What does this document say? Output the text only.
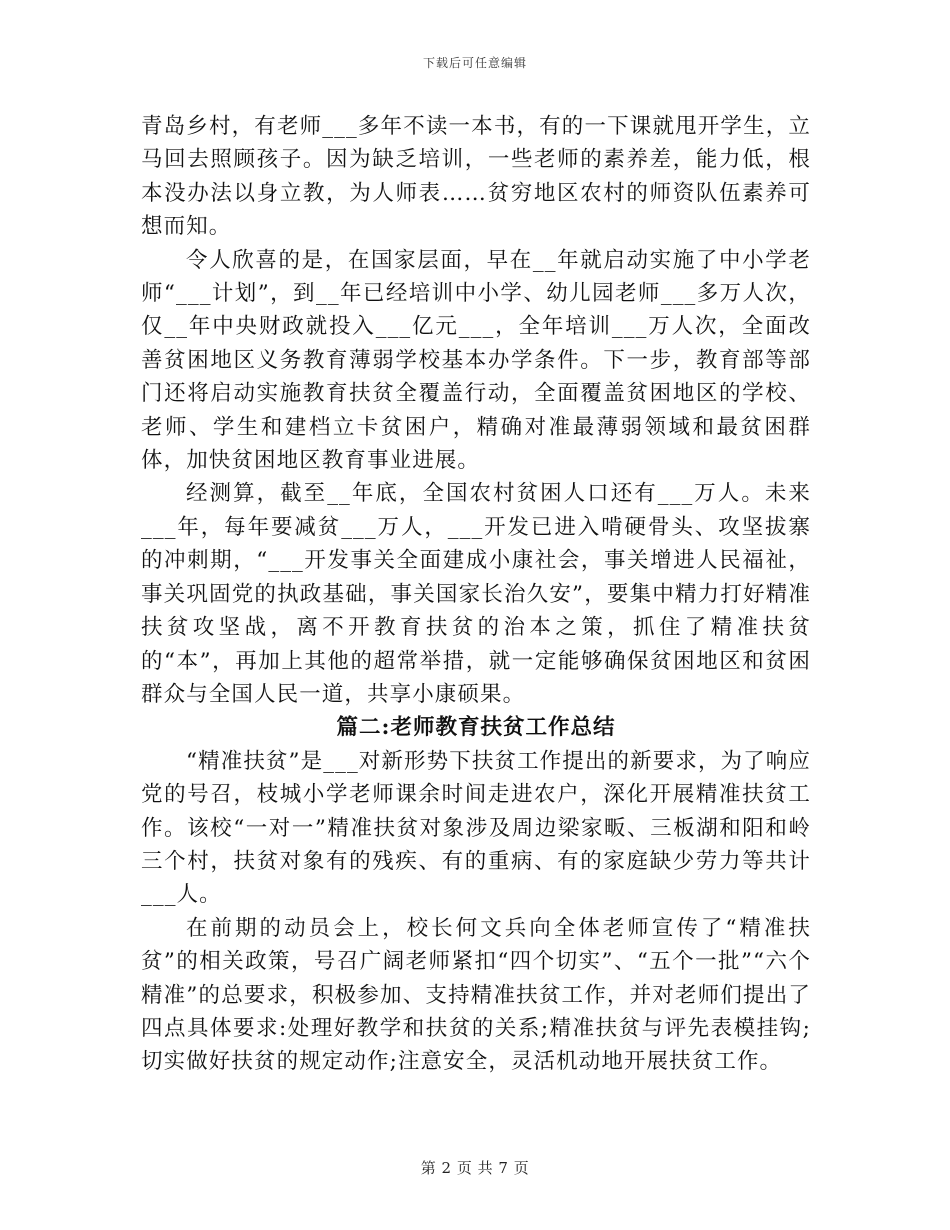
下载后可任意编辑

青岛乡村，有老师___多年不读一本书，有的一下课就甩开学生，立马回去照顾孩子。因为缺乏培训，一些老师的素养差，能力低，根本没办法以身立教，为人师表……贫穷地区农村的师资队伍素养可想而知。

令人欣喜的是，在国家层面，早在__年就启动实施了中小学老师“___计划”，到__年已经培训中小学、幼儿园老师___多万人次，仅__年中央财政就投入___亿元___，全年培训___万人次，全面改善贫困地区义务教育薄弱学校基本办学条件。下一步，教育部等部门还将启动实施教育扶贫全覆盖行动，全面覆盖贫困地区的学校、老师、学生和建档立卡贫困户，精确对准最薄弱领域和最贫困群体，加快贫困地区教育事业进展。

经测算，截至__年底，全国农村贫困人口还有___万人。未来___年，每年要减贫___万人，___开发已进入啃硬骨头、攻坚拔寨的冲刺期，“___开发事关全面建成小康社会，事关增进人民福祉，事关巩固党的执政基础，事关国家长治久安”，要集中精力打好精准扶贫攻坚战，离不开教育扶贫的治本之策，抓住了精准扶贫的“本”，再加上其他的超常举措，就一定能够确保贫困地区和贫困群众与全国人民一道，共享小康硕果。

篇二:老师教育扶贫工作总结

“精准扶贫”是___对新形势下扶贫工作提出的新要求，为了响应党的号召，枝城小学老师课余时间走进农户，深化开展精准扶贫工作。该校“一对一”精准扶贫对象涉及周边梁家畈、三板湖和阳和岭三个村，扶贫对象有的残疾、有的重病、有的家庭缺少劳力等共计___人。

在前期的动员会上，校长何文兵向全体老师宣传了“精准扶贫”的相关政策，号召广阔老师紧扣“四个切实”、“五个一批”“六个精准”的总要求，积极参加、支持精准扶贫工作，并对老师们提出了四点具体要求:处理好教学和扶贫的关系;精准扶贫与评先表模挂钩;切实做好扶贫的规定动作;注意安全，灵活机动地开展扶贫工作。

第 2 页 共 7 页
